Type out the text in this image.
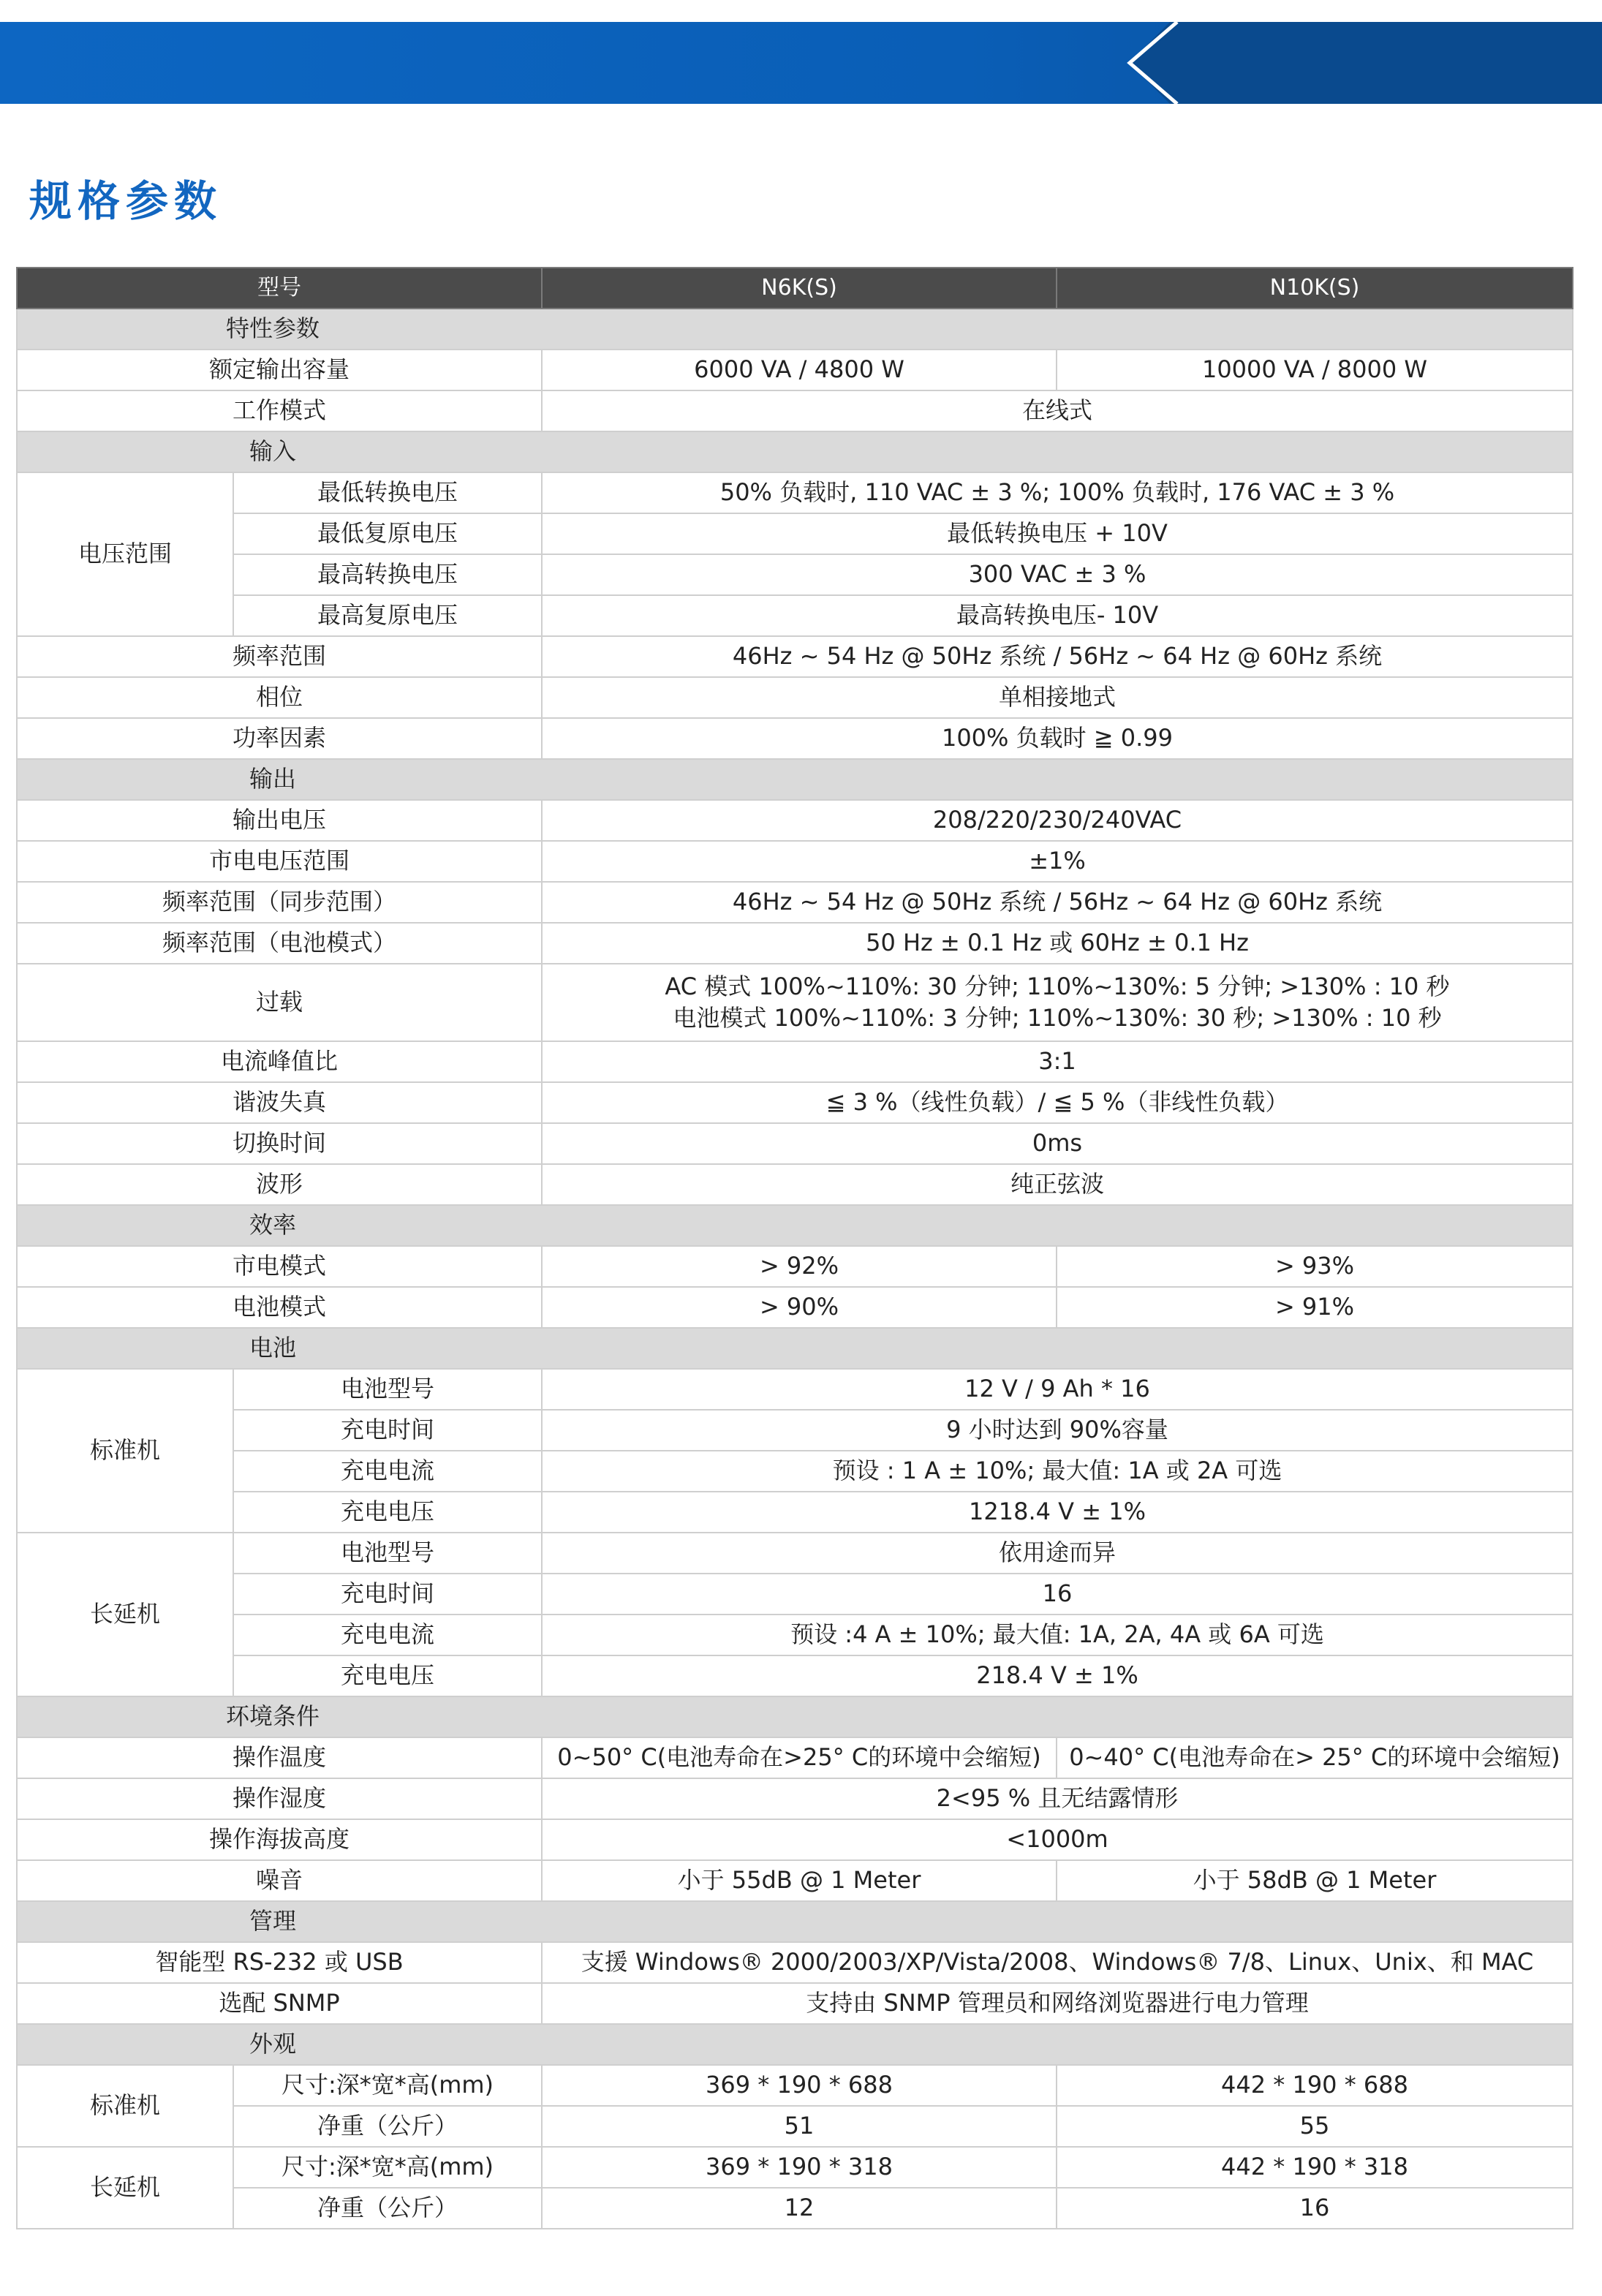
规格参数
型号		N6K(S)	N10K(S)
特性参数			
额定输出容量		6000 VA / 4800 W	10000 VA / 8000 W
工作模式		在线式	
输入			
电压范围	最低转换电压	50% 负载时, 110 VAC ± 3 %; 100% 负载时, 176 VAC ± 3 %	
	最低复原电压	最低转换电压 + 10V	
	最高转换电压	300 VAC ± 3 %	
	最高复原电压	最高转换电压- 10V	
频率范围		46Hz ~ 54 Hz @ 50Hz 系统 / 56Hz ~ 64 Hz @ 60Hz 系统	
相位		单相接地式	
功率因素		100% 负载时 ≧ 0.99	
输出			
输出电压		208/220/230/240VAC	
市电电压范围		±1%	
频率范围（同步范围）		46Hz ~ 54 Hz @ 50Hz 系统 / 56Hz ~ 64 Hz @ 60Hz 系统	
频率范围（电池模式）		50 Hz ± 0.1 Hz 或 60Hz ± 0.1 Hz	
过载		AC 模式 100%~110%: 30 分钟; 110%~130%: 5 分钟; >130% : 10 秒
电池模式 100%~110%: 3 分钟; 110%~130%: 30 秒; >130% : 10 秒	

电流峰值比		3:1	
谐波失真		≦ 3 %（线性负载）/ ≦ 5 %（非线性负载）	
切换时间		0ms	
波形		纯正弦波	
效率			
市电模式		> 92%	> 93%
电池模式		> 90%	> 91%
电池			
标准机	电池型号	12 V / 9 Ah * 16	
	充电时间	9 小时达到 90%容量	
	充电电流	预设 : 1 A ± 10%; 最大值: 1A 或 2A 可选	
	充电电压	1218.4 V ± 1%	
长延机	电池型号	依用途而异	
	充电时间	16	
	充电电流	预设 :4 A ± 10%; 最大值: 1A, 2A, 4A 或 6A 可选	
	充电电压	218.4 V ± 1%	
环境条件			
操作温度		0~50° C(电池寿命在>25° C的环境中会缩短)	0~40° C(电池寿命在> 25° C的环境中会缩短)
操作湿度		2<95 % 且无结露情形	
操作海拔高度		<1000m	
噪音		小于 55dB @ 1 Meter	小于 58dB @ 1 Meter
管理			
智能型 RS-232 或 USB		支援 Windows® 2000/2003/XP/Vista/2008、Windows® 7/8、Linux、Unix、和 MAC	
选配 SNMP		支持由 SNMP 管理员和网络浏览器进行电力管理	
外观			
标准机	尺寸:深*宽*高(mm)	369 * 190 * 688	442 * 190 * 688
	净重（公斤）	51	55
长延机	尺寸:深*宽*高(mm)	369 * 190 * 318	442 * 190 * 318
	净重（公斤）	12	16
